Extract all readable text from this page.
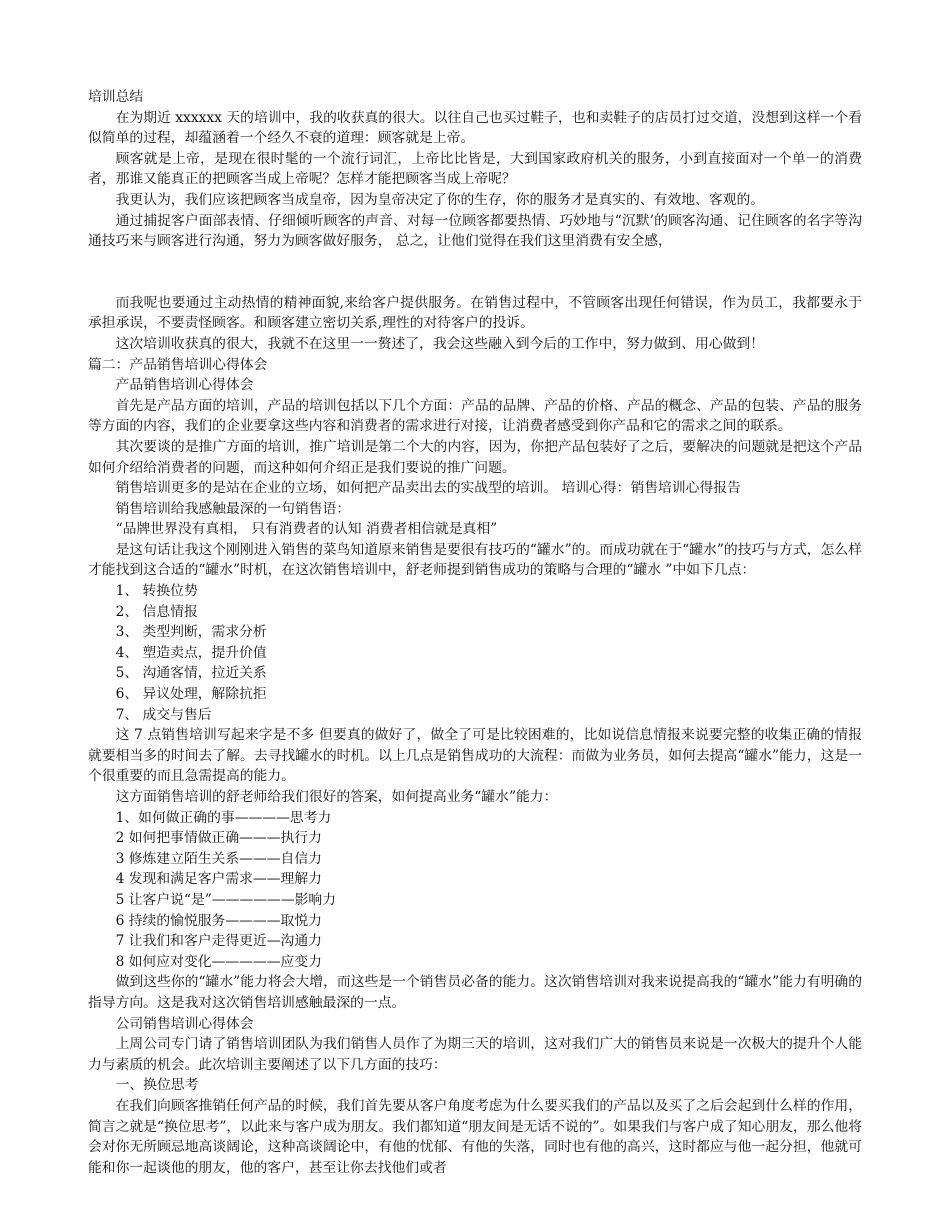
培训总结

在为期近 xxxxxx 天的培训中，我的收获真的很大。以往自己也买过鞋子，也和卖鞋子的店员打过交道，没想到这样一个看似简单的过程，却蕴涵着一个经久不衰的道理：顾客就是上帝。

顾客就是上帝，是现在很时髦的一个流行词汇，上帝比比皆是，大到国家政府机关的服务，小到直接面对一个单一的消费者，那谁又能真正的把顾客当成上帝呢？怎样才能把顾客当成上帝呢？

我更认为，我们应该把顾客当成皇帝，因为皇帝决定了你的生存，你的服务才是真实的、有效地、客观的。

通过捕捉客户面部表情、仔细倾听顾客的声音、对每一位顾客都要热情、巧妙地与“沉默’的顾客沟通、记住顾客的名字等沟通技巧来与顾客进行沟通，努力为顾客做好服务， 总之，让他们觉得在我们这里消费有安全感，

而我呢也要通过主动热情的精神面貌,来给客户提供服务。在销售过程中，不管顾客出现任何错误，作为员工，我都要永于承担承误，不要责怪顾客。和顾客建立密切关系,理性的对待客户的投诉。

这次培训收获真的很大，我就不在这里一一赘述了，我会这些融入到今后的工作中，努力做到、用心做到！

篇二：产品销售培训心得体会

产品销售培训心得体会

首先是产品方面的培训，产品的培训包括以下几个方面：产品的品牌、产品的价格、产品的概念、产品的包装、产品的服务等方面的内容，我们的企业要拿这些内容和消费者的需求进行对接，让消费者感受到你产品和它的需求之间的联系。

其次要谈的是推广方面的培训，推广培训是第二个大的内容，因为，你把产品包装好了之后，要解决的问题就是把这个产品如何介绍给消费者的问题，而这种如何介绍正是我们要说的推广问题。

销售培训更多的是站在企业的立场，如何把产品卖出去的实战型的培训。 培训心得：销售培训心得报告

销售培训给我感触最深的一句销售语：

“品牌世界没有真相， 只有消费者的认知 消费者相信就是真相”

是这句话让我这个刚刚进入销售的菜鸟知道原来销售是要很有技巧的“罐水”的。而成功就在于“罐水”的技巧与方式，怎么样才能找到这合适的“罐水”时机，在这次销售培训中，舒老师提到销售成功的策略与合理的“罐水 ”中如下几点：

1、 转换位势

2、 信息情报

3、 类型判断，需求分析

4、 塑造卖点，提升价值

5、 沟通客情，拉近关系

6、 异议处理，解除抗拒

7、 成交与售后

这 7 点销售培训写起来字是不多 但要真的做好了，做全了可是比较困难的，比如说信息情报来说要完整的收集正确的情报就要相当多的时间去了解。去寻找罐水的时机。以上几点是销售成功的大流程：而做为业务员，如何去提高“罐水”能力，这是一个很重要的而且急需提高的能力。

这方面销售培训的舒老师给我们很好的答案，如何提高业务“罐水”能力：

1、如何做正确的事————思考力

2 如何把事情做正确———执行力

3 修炼建立陌生关系———自信力

4 发现和满足客户需求——理解力

5 让客户说“是”——————影响力

6 持续的愉悦服务————取悦力

7 让我们和客户走得更近—沟通力

8 如何应对变化—————应变力

做到这些你的“罐水”能力将会大增，而这些是一个销售员必备的能力。这次销售培训对我来说提高我的“罐水”能力有明确的指导方向。这是我对这次销售培训感触最深的一点。

公司销售培训心得体会

上周公司专门请了销售培训团队为我们销售人员作了为期三天的培训，这对我们广大的销售员来说是一次极大的提升个人能力与素质的机会。此次培训主要阐述了以下几方面的技巧：

一、换位思考

在我们向顾客推销任何产品的时候，我们首先要从客户角度考虑为什么要买我们的产品以及买了之后会起到什么样的作用，简言之就是“换位思考”，以此来与客户成为朋友。我们都知道“朋友间是无话不说的”。如果我们与客户成了知心朋友，那么他将会对你无所顾忌地高谈阔论，这种高谈阔论中，有他的忧郁、有他的失落，同时也有他的高兴，这时都应与他一起分担，他就可能和你一起谈他的朋友，他的客户，甚至让你去找他们或者
